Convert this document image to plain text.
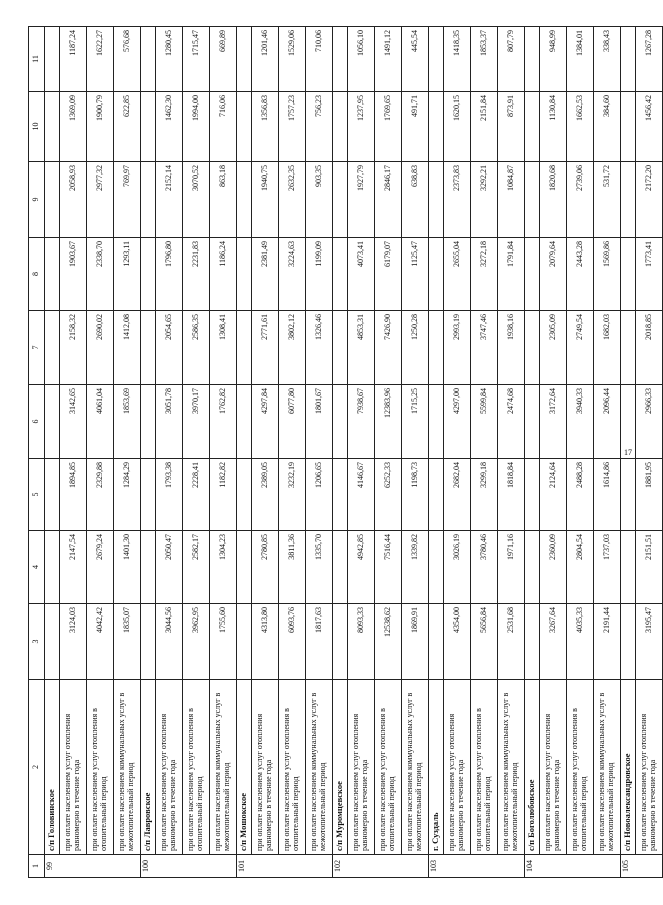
17
1	2	3	4	5	6	7	8	9	10	11
99	с/п Головинское									
	при оплате населением услуг отопления равномерно в течение года	3124,03	2147,54	1894,85	3142,65	2158,32	1903,67	2058,93	1369,09	1187,24
	при оплате населением услуг отопления в отопительный период	4042,42	2679,24	2329,88	4061,04	2690,02	2338,70	2977,32	1900,79	1622,27
	при оплате населением коммунальных услуг в межотопительный период	1835,07	1401,30	1284,29	1853,69	1412,08	1293,11	769,97	622,85	576,68
100	с/п Лавровское									
	при оплате населением услуг отопления равномерно в течение года	3044,56	2050,47	1793,38	3051,78	2054,65	1796,80	2152,14	1462,30	1280,45
	при оплате населением услуг отопления в отопительный период	3962,95	2582,17	2228,41	3970,17	2586,35	2231,83	3070,52	1994,00	1715,47
	при оплате населением коммунальных услуг в межотопительный период	1755,60	1304,23	1182,82	1762,82	1308,41	1186,24	863,18	716,06	669,89
101	с/п Мошокское									
	при оплате населением услуг отопления равномерно в течение года	4313,80	2780,85	2389,05	4297,84	2771,61	2381,49	1940,75	1356,83	1201,46
	при оплате населением услуг отопления в отопительный период	6093,76	3811,36	3232,19	6077,80	3802,12	3224,63	2632,35	1757,23	1529,06
	при оплате населением коммунальных услуг в межотопительный период	1817,63	1335,70	1206,65	1801,67	1326,46	1199,09	903,35	756,23	710,06
102	с/п Муромцевское									
	при оплате населением услуг отопления равномерно в течение года	8093,33	4942,85	4146,67	7938,67	4853,31	4073,41	1927,79	1237,95	1056,10
	при оплате населением услуг отопления в отопительный период	12538,62	7516,44	6252,33	12383,96	7426,90	6179,07	2846,17	1769,65	1491,12
	при оплате населением коммунальных услуг в межотопительный период	1869,91	1339,82	1198,73	1715,25	1250,28	1125,47	638,83	491,71	445,54
103	г. Суздаль									
	при оплате населением услуг отопления равномерно в течение года	4354,00	3026,19	2682,04	4297,00	2993,19	2655,04	2373,83	1620,15	1418,35
	при оплате населением услуг отопления в отопительный период	5656,84	3780,46	3299,18	5599,84	3747,46	3272,18	3292,21	2151,84	1853,37
	при оплате населением коммунальных услуг в межотопительный период	2531,68	1971,16	1818,84	2474,68	1938,16	1791,84	1084,87	873,91	807,79
104	с/п Боголюбовское									
	при оплате населением услуг отопления равномерно в течение года	3267,64	2360,09	2124,64	3172,64	2305,09	2079,64	1820,68	1130,84	948,99
	при оплате населением услуг отопления в отопительный период	4035,33	2804,54	2488,28	3940,33	2749,54	2443,28	2739,06	1662,53	1384,01
	при оплате населением коммунальных услуг в межотопительный период	2191,44	1737,03	1614,86	2096,44	1682,03	1569,86	531,72	384,60	338,43
105	с/п Новоалександровское									
	при оплате населением услуг отопления равномерно в течение года	3195,47	2151,51	1881,95	2966,33	2018,85	1773,41	2172,20	1456,42	1267,28
